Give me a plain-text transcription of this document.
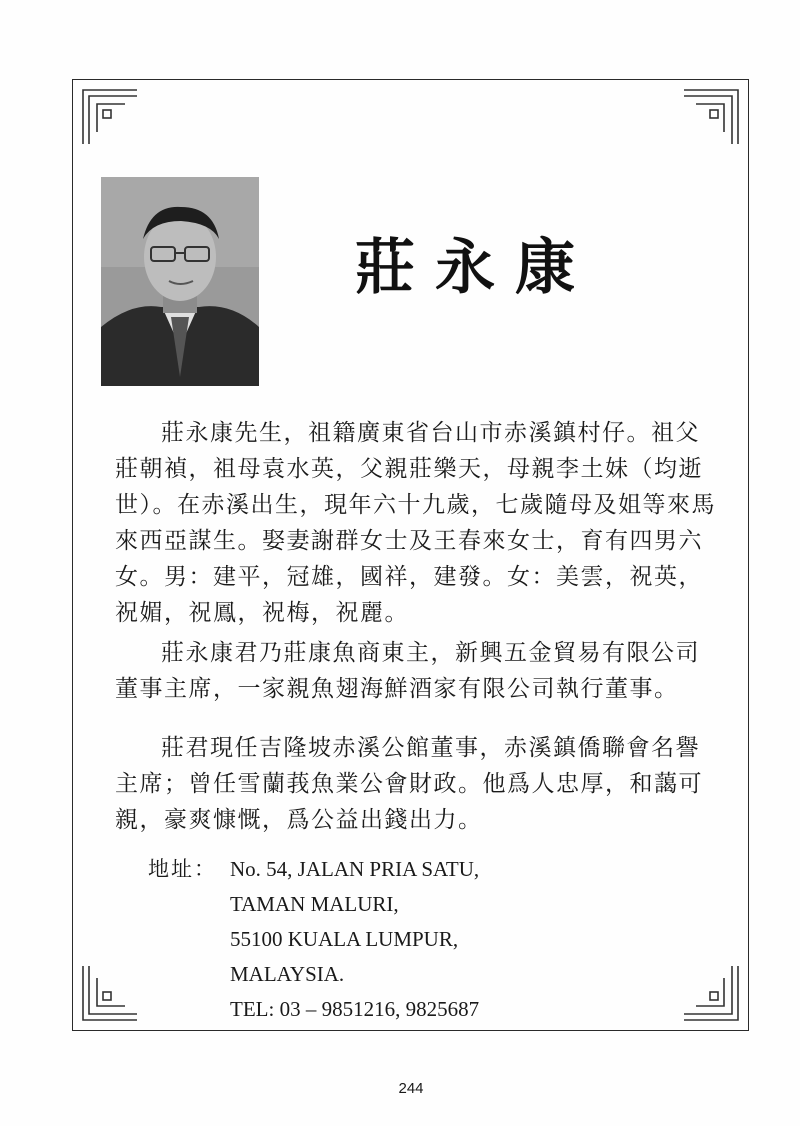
莊永康

莊永康先生，祖籍廣東省台山市赤溪鎮村仔。祖父莊朝禎，祖母袁水英，父親莊樂天，母親李土妹（均逝世）。在赤溪出生，現年六十九歲，七歲隨母及姐等來馬來西亞謀生。娶妻謝群女士及王春來女士，育有四男六女。男：建平，冠雄，國祥，建發。女：美雲，祝英，祝媚，祝鳳，祝梅，祝麗。

莊永康君乃莊康魚商東主，新興五金貿易有限公司董事主席，一家親魚翅海鮮酒家有限公司執行董事。

莊君現任吉隆坡赤溪公館董事，赤溪鎮僑聯會名譽主席；曾任雪蘭莪魚業公會財政。他爲人忠厚，和藹可親，豪爽慷慨，爲公益出錢出力。

地址： No. 54, JALAN PRIA SATU,
TAMAN MALURI,
55100 KUALA LUMPUR,
MALAYSIA.
TEL: 03 – 9851216, 9825687
244
